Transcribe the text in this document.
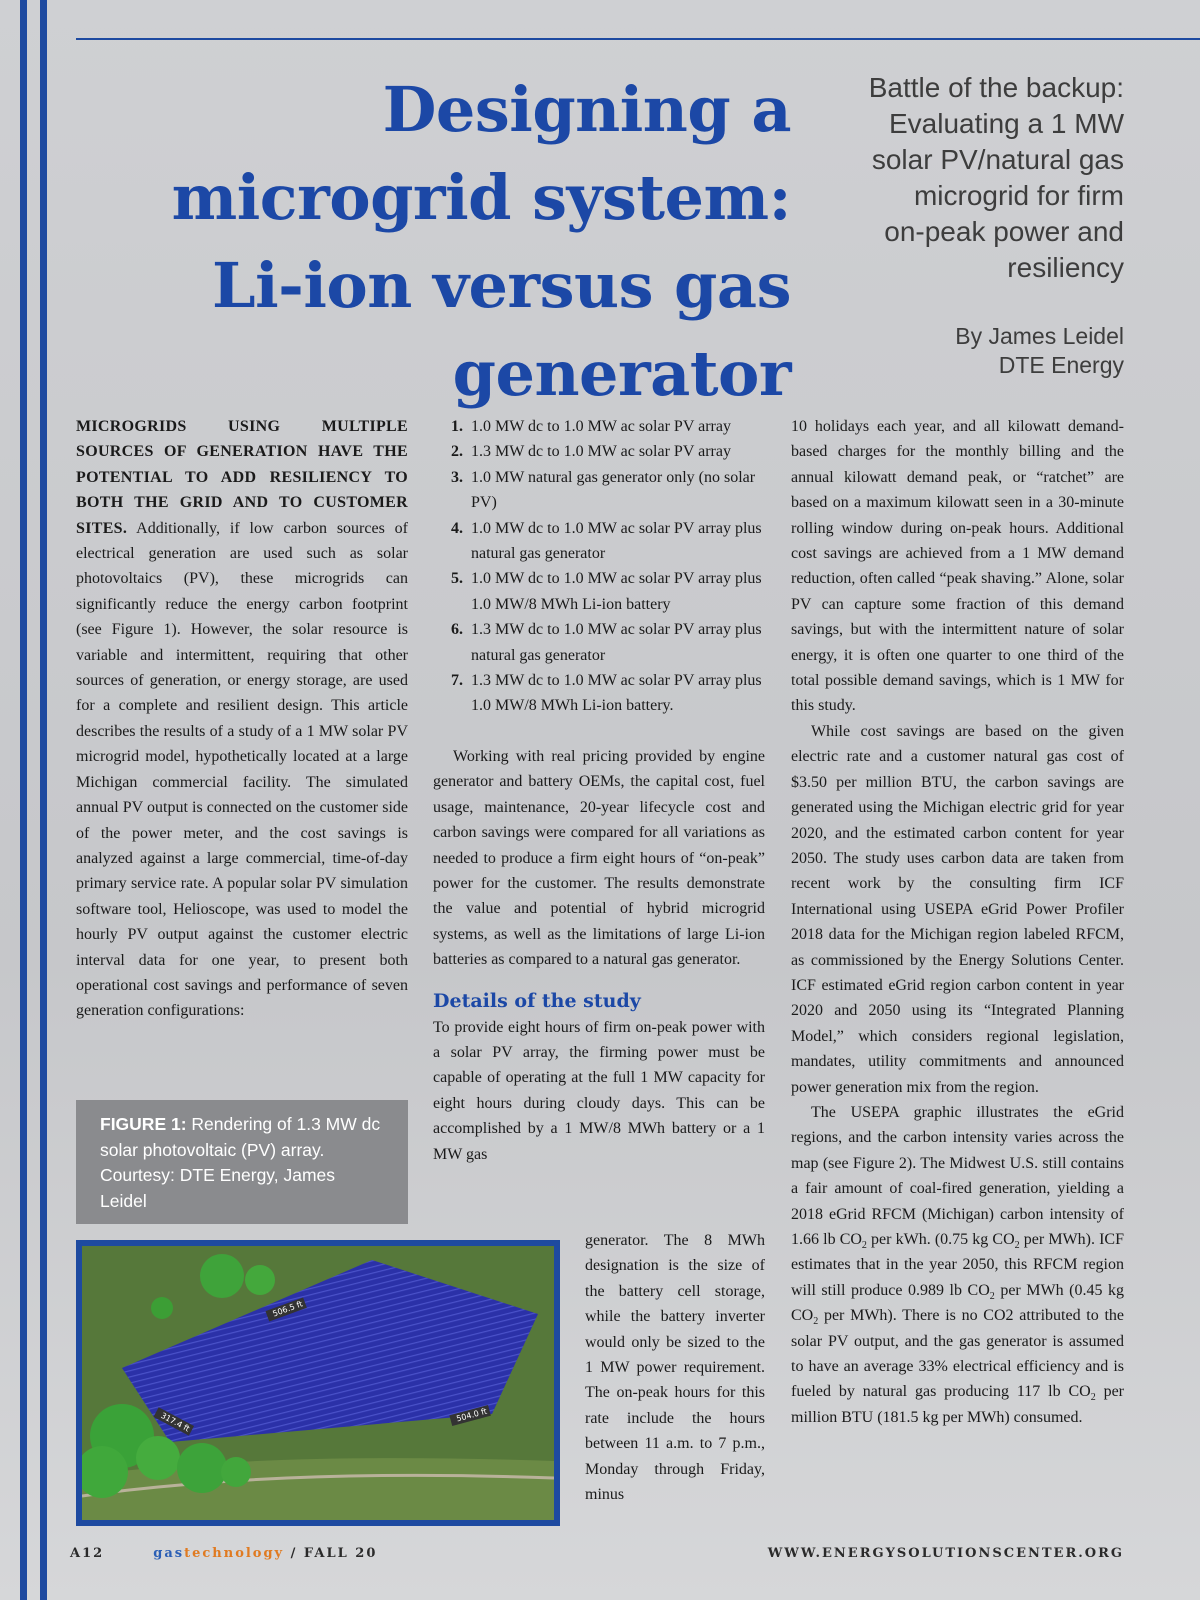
Designing a
microgrid system:
Li-ion versus gas
generator
Battle of the backup:
Evaluating a 1 MW
solar PV/natural gas
microgrid for firm
on-peak power and
resiliency
By James Leidel
DTE Energy

MICROGRIDS USING MULTIPLE SOURCES OF GENERATION HAVE THE POTENTIAL TO ADD RESILIENCY TO BOTH THE GRID AND TO CUSTOMER SITES. Additionally, if low carbon sources of electrical generation are used such as solar photovoltaics (PV), these microgrids can significantly reduce the energy carbon footprint (see Figure 1). However, the solar resource is variable and intermittent, requiring that other sources of generation, or energy storage, are used for a complete and resilient design. This article describes the results of a study of a 1 MW solar PV microgrid model, hypothetically located at a large Michigan commercial facility. The simulated annual PV output is connected on the customer side of the power meter, and the cost savings is analyzed against a large commercial, time-of-day primary service rate. A popular solar PV simulation software tool, Helioscope, was used to model the hourly PV output against the customer electric interval data for one year, to present both operational cost savings and performance of seven generation configurations:

FIGURE 1: Rendering of 1.3 MW dc solar photovoltaic (PV) array. Courtesy: DTE Energy, James Leidel
506.5 ft
317.4 ft	504.0 ft
1. 1.0 MW dc to 1.0 MW ac solar PV array
2. 1.3 MW dc to 1.0 MW ac solar PV array
3. 1.0 MW natural gas generator only (no solar PV)
4. 1.0 MW dc to 1.0 MW ac solar PV array plus natural gas generator
5. 1.0 MW dc to 1.0 MW ac solar PV array plus 1.0 MW/8 MWh Li-ion battery
6. 1.3 MW dc to 1.0 MW ac solar PV array plus natural gas generator
7. 1.3 MW dc to 1.0 MW ac solar PV array plus 1.0 MW/8 MWh Li-ion battery.

Working with real pricing provided by engine generator and battery OEMs, the capital cost, fuel usage, maintenance, 20-year lifecycle cost and carbon savings were compared for all variations as needed to produce a firm eight hours of “on-peak” power for the customer. The results demonstrate the value and potential of hybrid microgrid systems, as well as the limitations of large Li-ion batteries as compared to a natural gas generator.

Details of the study

To provide eight hours of firm on-peak power with a solar PV array, the firming power must be capable of operating at the full 1 MW capacity for eight hours during cloudy days. This can be accomplished by a 1 MW/8 MWh battery or a 1 MW gas

generator. The 8 MWh designation is the size of the battery cell storage, while the battery inverter would only be sized to the 1 MW power requirement. The on-peak hours for this rate include the hours between 11 a.m. to 7 p.m., Monday through Friday, minus

10 holidays each year, and all kilowatt demand-based charges for the monthly billing and the annual kilowatt demand peak, or “ratchet” are based on a maximum kilowatt seen in a 30-minute rolling window during on-peak hours. Additional cost savings are achieved from a 1 MW demand reduction, often called “peak shaving.” Alone, solar PV can capture some fraction of this demand savings, but with the intermittent nature of solar energy, it is often one quarter to one third of the total possible demand savings, which is 1 MW for this study.

While cost savings are based on the given electric rate and a customer natural gas cost of $3.50 per million BTU, the carbon savings are generated using the Michigan electric grid for year 2020, and the estimated carbon content for year 2050. The study uses carbon data are taken from recent work by the consulting firm ICF International using USEPA eGrid Power Profiler 2018 data for the Michigan region labeled RFCM, as commissioned by the Energy Solutions Center. ICF estimated eGrid region carbon content in year 2020 and 2050 using its “Integrated Planning Model,” which considers regional legislation, mandates, utility commitments and announced power generation mix from the region.

The USEPA graphic illustrates the eGrid regions, and the carbon intensity varies across the map (see Figure 2). The Midwest U.S. still contains a fair amount of coal-fired generation, yielding a 2018 eGrid RFCM (Michigan) carbon intensity of 1.66 lb $CO_2$ per kWh. (0.75 kg $CO_2$ per MWh). ICF estimates that in the year 2050, this RFCM region will still produce 0.989 lb $CO_2$ per MWh (0.45 kg $CO_2$ per MWh). There is no CO2 attributed to the solar PV output, and the gas generator is assumed to have an average 33% electrical efficiency and is fueled by natural gas producing 117 lb $CO_2$ per million BTU (181.5 kg per MWh) consumed.

A12	gastechnology / FALL 20	WWW.ENERGYSOLUTIONSCENTER.ORG
